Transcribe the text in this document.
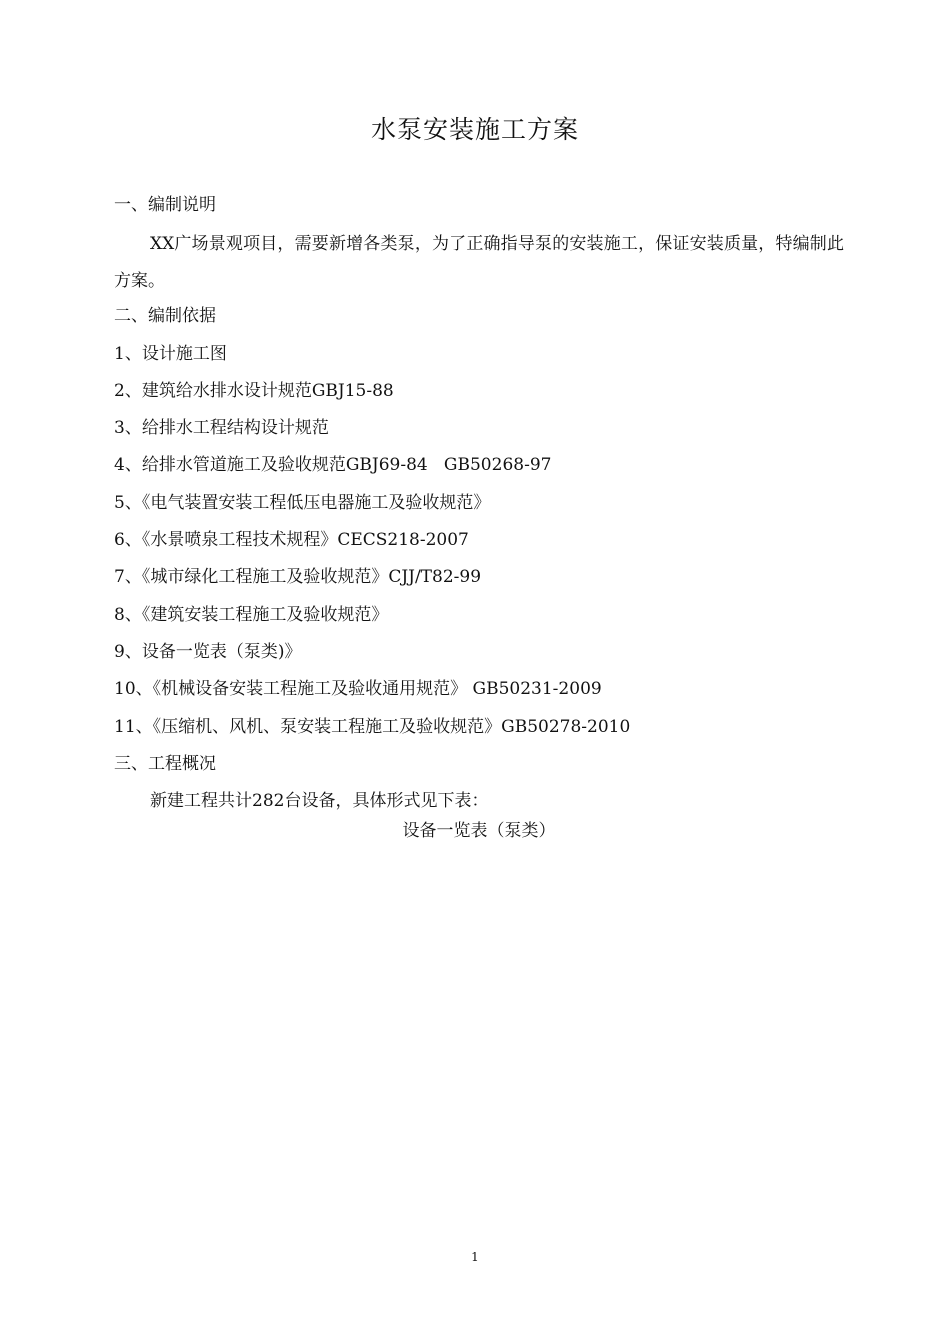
水泵安装施工方案
一、编制说明
XX广场景观项目，需要新增各类泵，为了正确指导泵的安装施工，保证安装质量，特编制此方案。
二、编制依据
1、设计施工图
2、建筑给水排水设计规范GBJ15-88
3、给排水工程结构设计规范
4、给排水管道施工及验收规范GBJ69-84   GB50268-97
5、《电气装置安装工程低压电器施工及验收规范》
6、《水景喷泉工程技术规程》CECS218-2007
7、《城市绿化工程施工及验收规范》CJJ/T82-99
8、《建筑安装工程施工及验收规范》
9、设备一览表（泵类)》
10、《机械设备安装工程施工及验收通用规范》 GB50231-2009
11、《压缩机、风机、泵安装工程施工及验收规范》GB50278-2010
三、工程概况
新建工程共计282台设备，具体形式见下表：
设备一览表（泵类）
1
